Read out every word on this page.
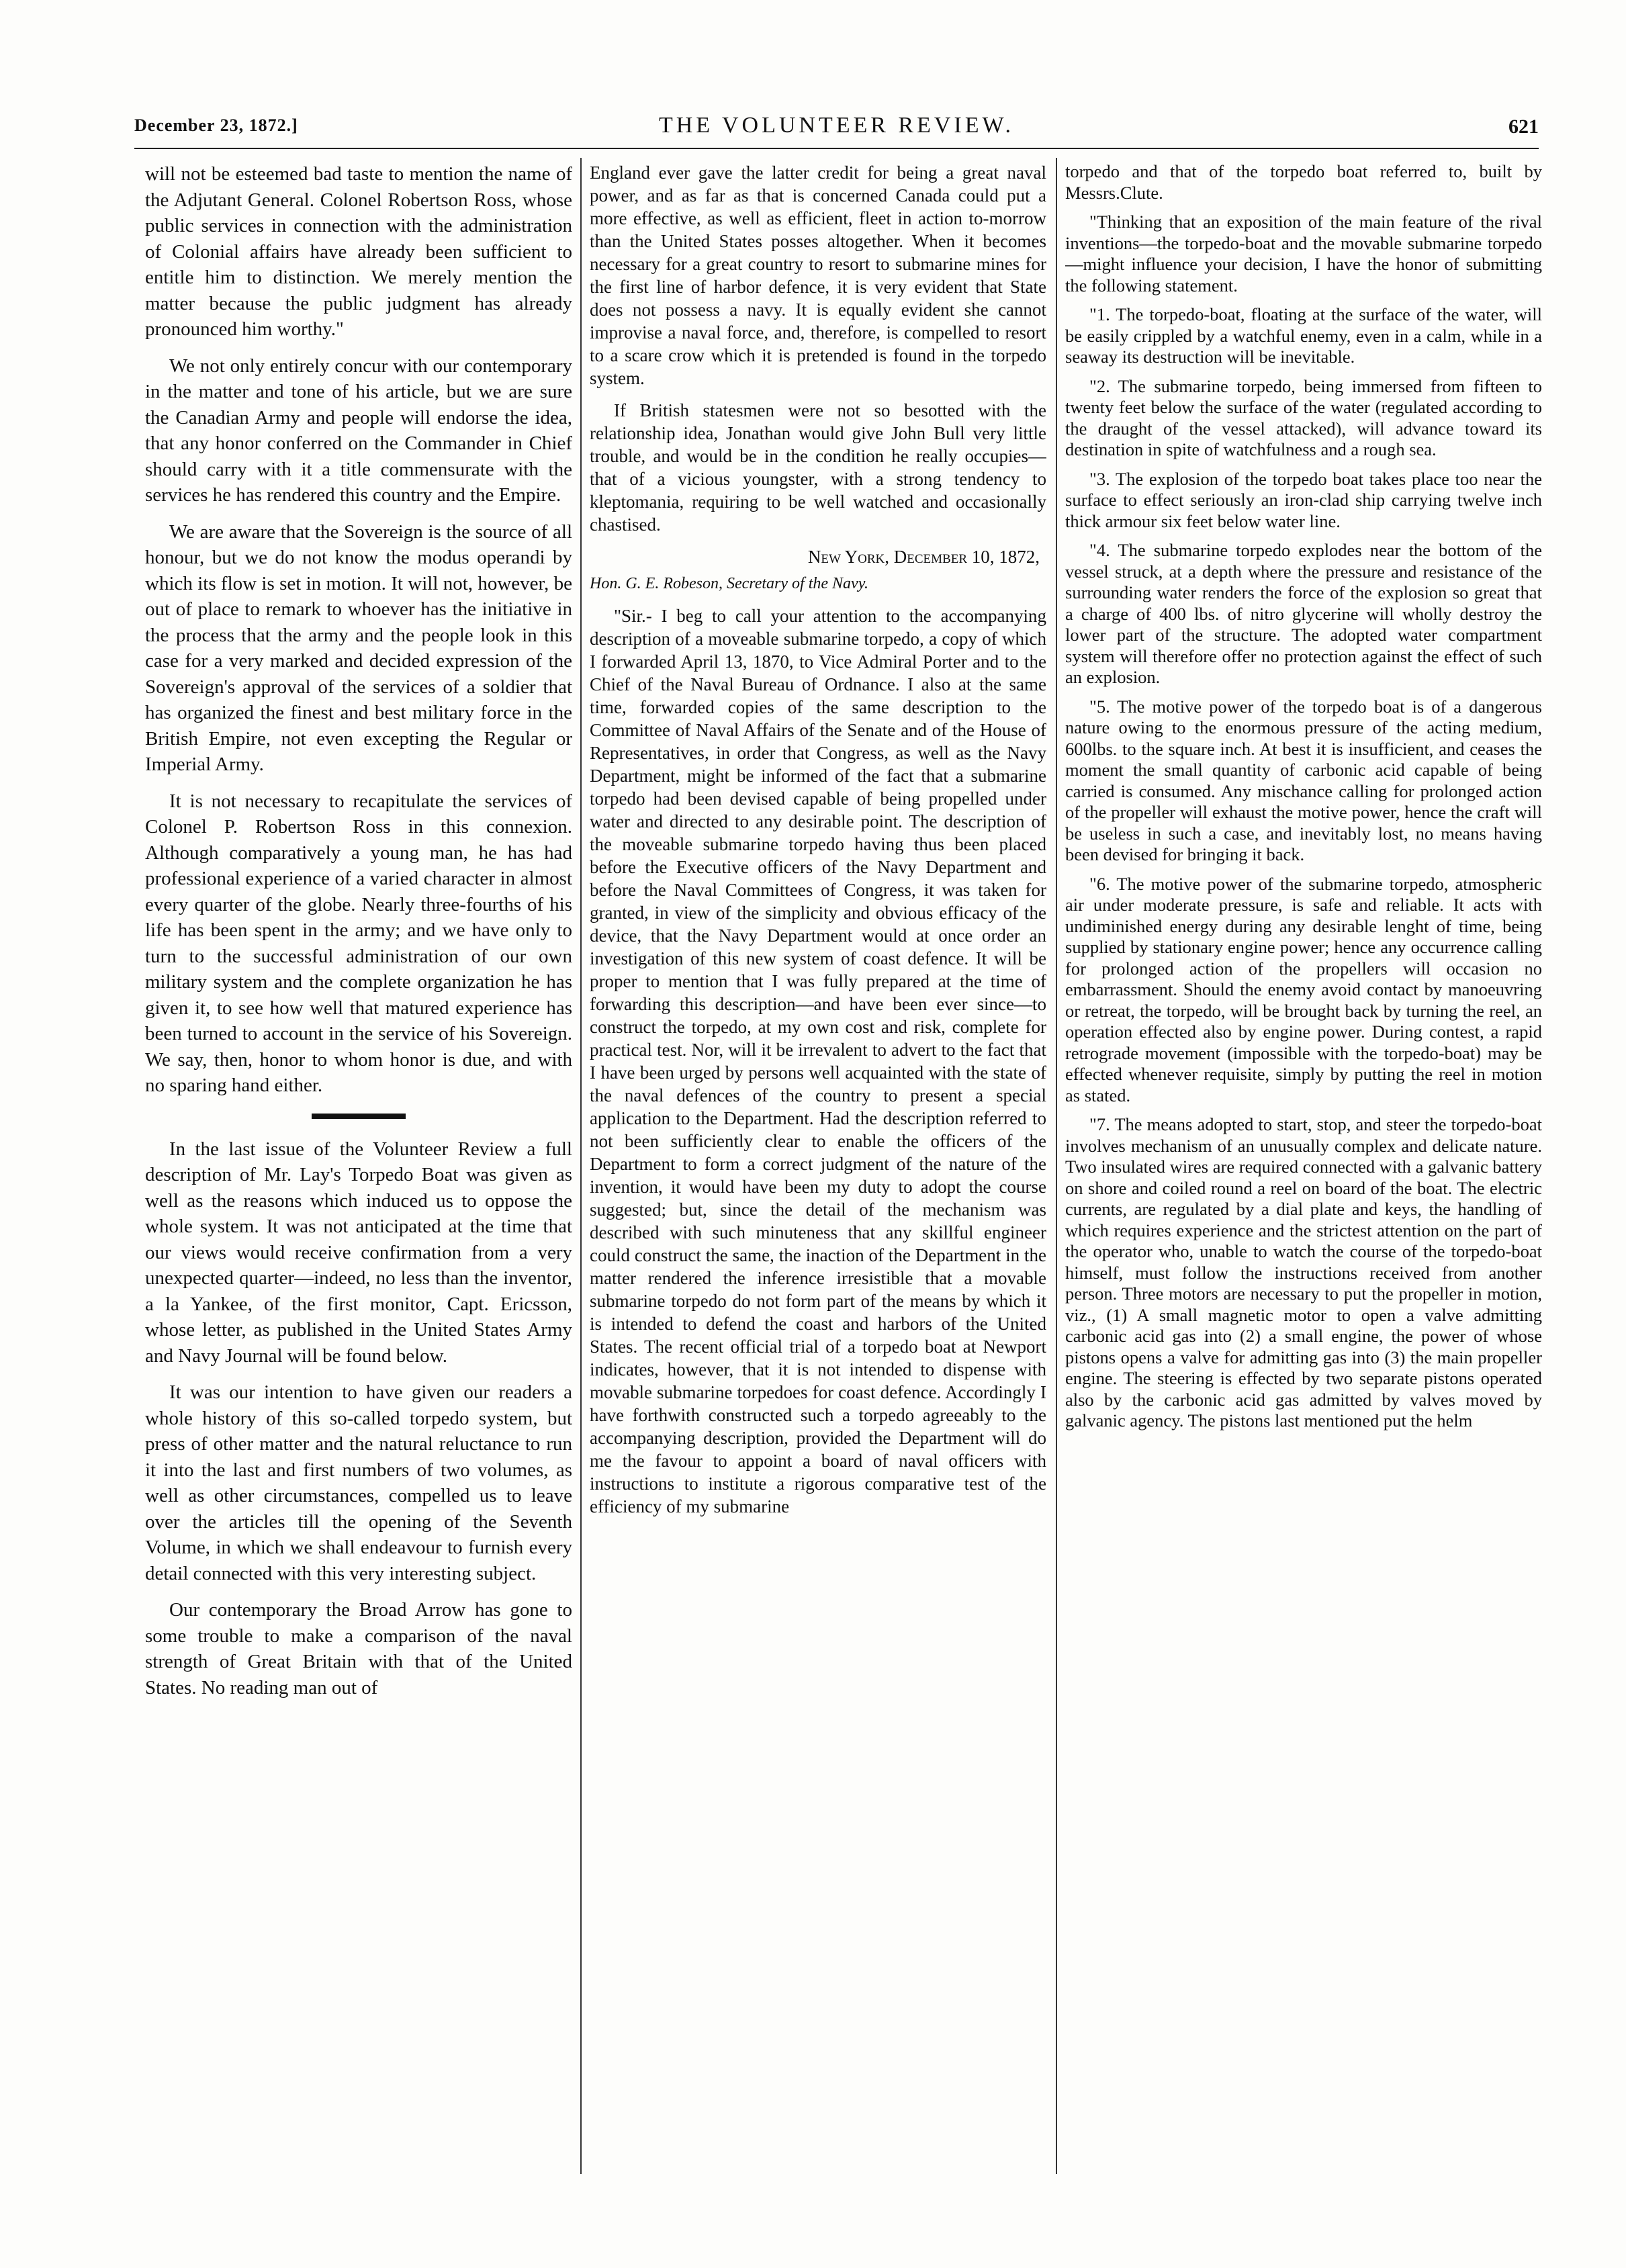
December 23, 1872.]	THE VOLUNTEER REVIEW.	621

will not be esteemed bad taste to mention the name of the Adjutant General. Colonel Robertson Ross, whose public services in connection with the administration of Colonial affairs have already been sufficient to entitle him to distinction. We merely mention the matter because the public judgment has already pronounced him worthy."

We not only entirely concur with our contemporary in the matter and tone of his article, but we are sure the Canadian Army and people will endorse the idea, that any honor conferred on the Commander in Chief should carry with it a title commensurate with the services he has rendered this country and the Empire.

We are aware that the Sovereign is the source of all honour, but we do not know the modus operandi by which its flow is set in motion. It will not, however, be out of place to remark to whoever has the initiative in the process that the army and the people look in this case for a very marked and decided expression of the Sovereign's approval of the services of a soldier that has organized the finest and best military force in the British Empire, not even excepting the Regular or Imperial Army.

It is not necessary to recapitulate the services of Colonel P. Robertson Ross in this connexion. Although comparatively a young man, he has had professional experience of a varied character in almost every quarter of the globe. Nearly three-fourths of his life has been spent in the army; and we have only to turn to the successful administration of our own military system and the complete organization he has given it, to see how well that matured experience has been turned to account in the service of his Sovereign. We say, then, honor to whom honor is due, and with no sparing hand either.

In the last issue of the Volunteer Review a full description of Mr. Lay's Torpedo Boat was given as well as the reasons which induced us to oppose the whole system. It was not anticipated at the time that our views would receive confirmation from a very unexpected quarter—indeed, no less than the inventor, a la Yankee, of the first monitor, Capt. Ericsson, whose letter, as published in the United States Army and Navy Journal will be found below.

It was our intention to have given our readers a whole history of this so-called torpedo system, but press of other matter and the natural reluctance to run it into the last and first numbers of two volumes, as well as other circumstances, compelled us to leave over the articles till the opening of the Seventh Volume, in which we shall endeavour to furnish every detail connected with this very interesting subject.

Our contemporary the Broad Arrow has gone to some trouble to make a comparison of the naval strength of Great Britain with that of the United States. No reading man out of

England ever gave the latter credit for being a great naval power, and as far as that is concerned Canada could put a more effective, as well as efficient, fleet in action to-morrow than the United States posses altogether. When it becomes necessary for a great country to resort to submarine mines for the first line of harbor defence, it is very evident that State does not possess a navy. It is equally evident she cannot improvise a naval force, and, therefore, is compelled to resort to a scare crow which it is pretended is found in the torpedo system.

If British statesmen were not so besotted with the relationship idea, Jonathan would give John Bull very little trouble, and would be in the condition he really occupies—that of a vicious youngster, with a strong tendency to kleptomania, requiring to be well watched and occasionally chastised.

New York, December 10, 1872,
Hon. G. E. Robeson, Secretary of the Navy.

"Sir.- I beg to call your attention to the accompanying description of a moveable submarine torpedo, a copy of which I forwarded April 13, 1870, to Vice Admiral Porter and to the Chief of the Naval Bureau of Ordnance. I also at the same time, forwarded copies of the same description to the Committee of Naval Affairs of the Senate and of the House of Representatives, in order that Congress, as well as the Navy Department, might be informed of the fact that a submarine torpedo had been devised capable of being propelled under water and directed to any desirable point. The description of the moveable submarine torpedo having thus been placed before the Executive officers of the Navy Department and before the Naval Committees of Congress, it was taken for granted, in view of the simplicity and obvious efficacy of the device, that the Navy Department would at once order an investigation of this new system of coast defence. It will be proper to mention that I was fully prepared at the time of forwarding this description—and have been ever since—to construct the torpedo, at my own cost and risk, complete for practical test. Nor, will it be irrevalent to advert to the fact that I have been urged by persons well acquainted with the state of the naval defences of the country to present a special application to the Department. Had the description referred to not been sufficiently clear to enable the officers of the Department to form a correct judgment of the nature of the invention, it would have been my duty to adopt the course suggested; but, since the detail of the mechanism was described with such minuteness that any skillful engineer could construct the same, the inaction of the Department in the matter rendered the inference irresistible that a movable submarine torpedo do not form part of the means by which it is intended to defend the coast and harbors of the United States. The recent official trial of a torpedo boat at Newport indicates, however, that it is not intended to dispense with movable submarine torpedoes for coast defence. Accordingly I have forthwith constructed such a torpedo agreeably to the accompanying description, provided the Department will do me the favour to appoint a board of naval officers with instructions to institute a rigorous comparative test of the efficiency of my submarine

torpedo and that of the torpedo boat referred to, built by Messrs.Clute.

"Thinking that an exposition of the main feature of the rival inventions—the torpedo-boat and the movable submarine torpedo—might influence your decision, I have the honor of submitting the following statement.

"1. The torpedo-boat, floating at the surface of the water, will be easily crippled by a watchful enemy, even in a calm, while in a seaway its destruction will be inevitable.

"2. The submarine torpedo, being immersed from fifteen to twenty feet below the surface of the water (regulated according to the draught of the vessel attacked), will advance toward its destination in spite of watchfulness and a rough sea.

"3. The explosion of the torpedo boat takes place too near the surface to effect seriously an iron-clad ship carrying twelve inch thick armour six feet below water line.

"4. The submarine torpedo explodes near the bottom of the vessel struck, at a depth where the pressure and resistance of the surrounding water renders the force of the explosion so great that a charge of 400 lbs. of nitro glycerine will wholly destroy the lower part of the structure. The adopted water compartment system will therefore offer no protection against the effect of such an explosion.

"5. The motive power of the torpedo boat is of a dangerous nature owing to the enormous pressure of the acting medium, 600lbs. to the square inch. At best it is insufficient, and ceases the moment the small quantity of carbonic acid capable of being carried is consumed. Any mischance calling for prolonged action of the propeller will exhaust the motive power, hence the craft will be useless in such a case, and inevitably lost, no means having been devised for bringing it back.

"6. The motive power of the submarine torpedo, atmospheric air under moderate pressure, is safe and reliable. It acts with undiminished energy during any desirable lenght of time, being supplied by stationary engine power; hence any occurrence calling for prolonged action of the propellers will occasion no embarrassment. Should the enemy avoid contact by manoeuvring or retreat, the torpedo, will be brought back by turning the reel, an operation effected also by engine power. During contest, a rapid retrograde movement (impossible with the torpedo-boat) may be effected whenever requisite, simply by putting the reel in motion as stated.

"7. The means adopted to start, stop, and steer the torpedo-boat involves mechanism of an unusually complex and delicate nature. Two insulated wires are required connected with a galvanic battery on shore and coiled round a reel on board of the boat. The electric currents, are regulated by a dial plate and keys, the handling of which requires experience and the strictest attention on the part of the operator who, unable to watch the course of the torpedo-boat himself, must follow the instructions received from another person. Three motors are necessary to put the propeller in motion, viz., (1) A small magnetic motor to open a valve admitting carbonic acid gas into (2) a small engine, the power of whose pistons opens a valve for admitting gas into (3) the main propeller engine. The steering is effected by two separate pistons operated also by the carbonic acid gas admitted by valves moved by galvanic agency. The pistons last mentioned put the helm
